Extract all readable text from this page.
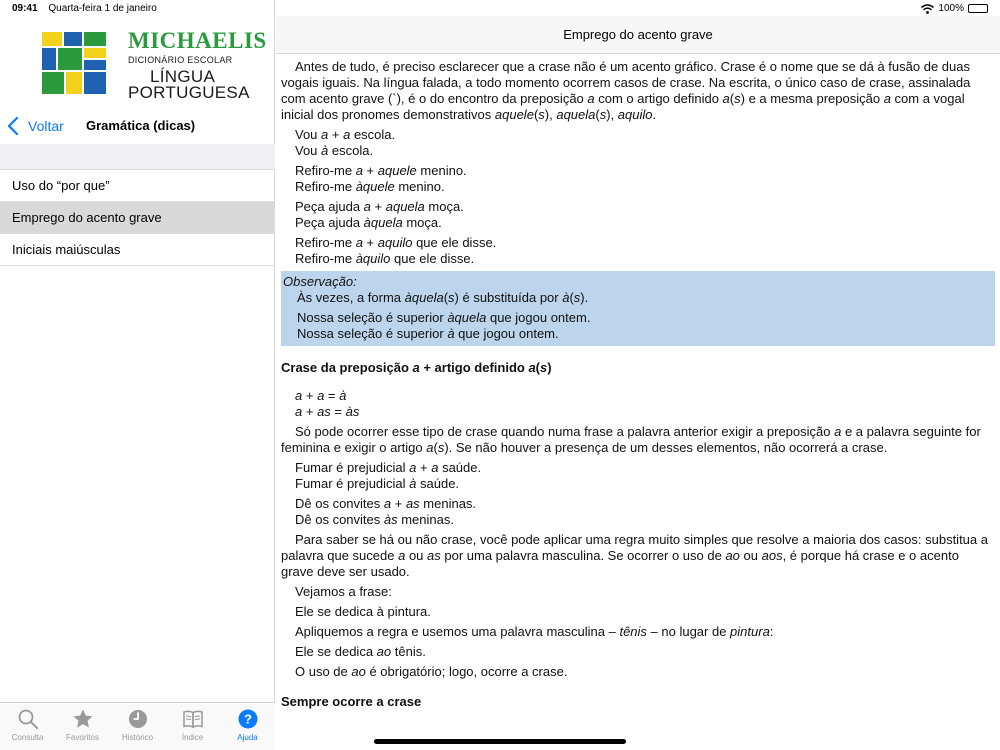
09:41 Quarta-feira 1 de janeiro
MICHAELIS
DICIONÁRIO ESCOLAR
LÍNGUA
PORTUGUESA
Voltar Gramática (dicas)
Uso do “por que”
Emprego do acento grave
Iniciais maiúsculas
Consulta	Favoritos	Histórico	Índice
?
Ajuda
100%
Emprego do acento grave

Antes de tudo, é preciso esclarecer que a crase não é um acento gráfico. Crase é o nome que se dá à fusão de duas vogais iguais. Na língua falada, a todo momento ocorrem casos de crase. Na escrita, o único caso de crase, assinalada com acento grave (`), é o do encontro da preposição a com o artigo definido a(s) e a mesma preposição a com a vogal inicial dos pronomes demonstrativos aquele(s), aquela(s), aquilo.

Vou a + a escola.
Vou à escola.
Refiro-me a + aquele menino.
Refiro-me àquele menino.
Peça ajuda a + aquela moça.
Peça ajuda àquela moça.
Refiro-me a + aquilo que ele disse.
Refiro-me àquilo que ele disse.
Observação:
Às vezes, a forma àquela(s) é substituída por à(s).
Nossa seleção é superior àquela que jogou ontem.
Nossa seleção é superior à que jogou ontem.
Crase da preposição a + artigo definido a(s)
a + a = à
a + as = às

Só pode ocorrer esse tipo de crase quando numa frase a palavra anterior exigir a preposição a e a palavra seguinte for feminina e exigir o artigo a(s). Se não houver a presença de um desses elementos, não ocorrerá a crase.

Fumar é prejudicial a + a saúde.
Fumar é prejudicial à saúde.
Dê os convites a + as meninas.
Dê os convites às meninas.

Para saber se há ou não crase, você pode aplicar uma regra muito simples que resolve a maioria dos casos: substitua a palavra que sucede a ou as por uma palavra masculina. Se ocorrer o uso de ao ou aos, é porque há crase e o acento grave deve ser usado.

Vejamos a frase:

Ele se dedica à pintura.

Apliquemos a regra e usemos uma palavra masculina – tênis – no lugar de pintura:

Ele se dedica ao tênis.

O uso de ao é obrigatório; logo, ocorre a crase.

Sempre ocorre a crase
